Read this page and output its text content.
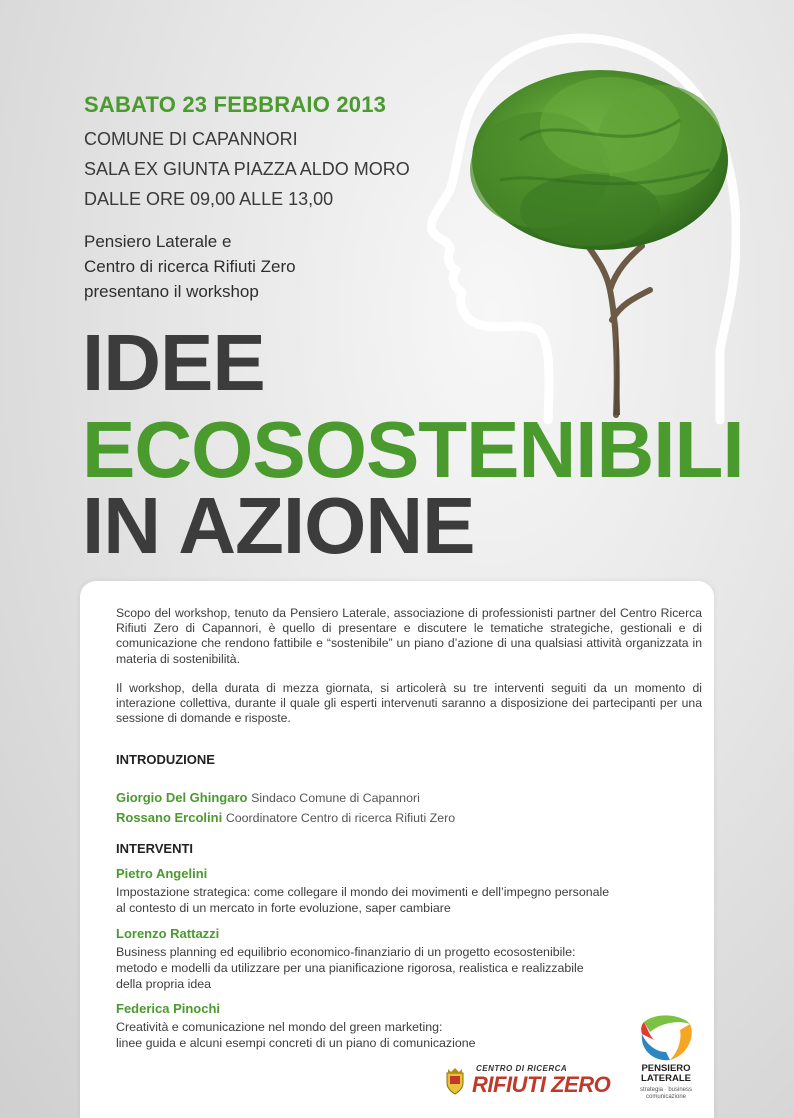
SABATO 23 FEBBRAIO 2013
COMUNE DI CAPANNORI
SALA EX GIUNTA PIAZZA ALDO MORO
DALLE ORE 09,00 ALLE 13,00
Pensiero Laterale e
Centro di ricerca Rifiuti Zero
presentano il workshop
IDEE
ECOSOSTENIBILI
IN AZIONE

Scopo del workshop, tenuto da Pensiero Laterale, associazione di professionisti partner del Centro Ricerca Rifiuti Zero di Capannori, è quello di presentare e discutere le tematiche strategiche, gestionali e di comunicazione che rendono fattibile e “sostenibile” un piano d’azione di una qualsiasi attività organizzata in materia di sostenibilità.

Il workshop, della durata di mezza giornata, si articolerà su tre interventi seguiti da un momento di interazione collettiva, durante il quale gli esperti intervenuti saranno a disposizione dei partecipanti per una sessione di domande e risposte.

INTRODUZIONE
Giorgio Del Ghingaro Sindaco Comune di Capannori
Rossano Ercolini Coordinatore Centro di ricerca Rifiuti Zero
INTERVENTI
Pietro Angelini
Impostazione strategica: come collegare il mondo dei movimenti e dell’impegno personale
al contesto di un mercato in forte evoluzione, saper cambiare
Lorenzo Rattazzi
Business planning ed equilibrio economico-finanziario di un progetto ecosostenibile:
metodo e modelli da utilizzare per una pianificazione rigorosa, realistica e realizzabile
della propria idea
Federica Pinochi
Creatività e comunicazione nel mondo del green marketing:
linee guida e alcuni esempi concreti di un piano di comunicazione
CENTRO DI RICERCA
RIFIUTI ZERO
PENSIERO
LATERALE
strategia · business
comunicazione
